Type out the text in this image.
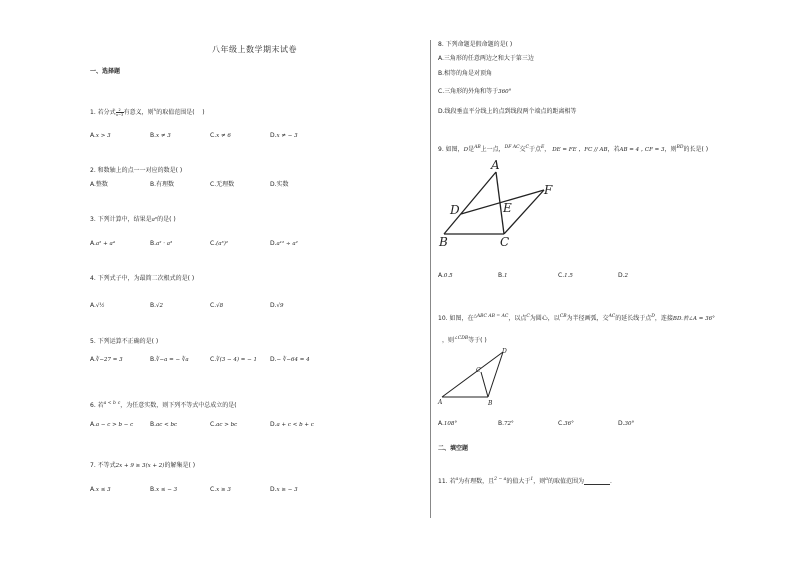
八年级上数学期末试卷
一、选择题
1. 若分式 $\frac{2}{x-3}$ 有意义，则$^x$的取值范围是( )
A.x > 3	B.x ≠ 3	C.x ≠ 6	D.x ≠ − 3
2. 和数轴上的点一一对应的数是( )
A.整数	B.有理数	C.无理数	D.实数
3. 下列计算中，结果是a⁶的是( )
A.a² + a⁴	B.a² · a³	C.(a³)²	D.a¹² ÷ a²
4. 下列式子中，为最简二次根式的是( )
A.√½	B.√2	C.√8	D.√9
5. 下列运算不正确的是( )
A.∛−27 = 3	B.∛−a = − ∛a	C.∛(3 − 4) = − 1 D.− ∛−64 = 4
6. 若$^{a < b}$ $^c$，为任意实数，则下列不等式中总成立的是(
A.a − c > b − c	B.ac < bc	C.ac > bc	D.a + c < b + c
7. 不等式2x + 9 ≥ 3(x + 2)的解集是( )
A.x ≤ 3	B.x ≤ − 3	C.x ≥ 3	D.x ≥ − 3
8. 下列命题是假命题的是( )
A.三角形的任意两边之和大于第三边
B.相等的角是对顶角
C.三角形的外角和等于360°
D.线段垂直平分线上的点到线段两个端点的距离相等
9. 如图，D是$^{AB}$上一点，$^{DF AC}$交$^C$于点$^E$， DE = FE ,  FC // AB，若AB = 4 , CF = 3，则$^{BD}$的长是( )
A
D	E
F
B	C
A.0.5	B.1	C.1.5	D.2
10. 如图，在$^{\triangle ABC AB = AC}$，以点$^C$为圆心，以$^{CB}$为半径画弧，交$^{AC}$的延长线于点$^D$，连接BD.若∠A = 36°
，则$^{\angle CDB}$等于( )
D
C
A	B
A.108°	B.72°	C.36°	D.30°
二、填空题
11. 若$^a$为有理数，且$^{2 - a}$的值大于$^1$，则$^a$的取值范围为	.
